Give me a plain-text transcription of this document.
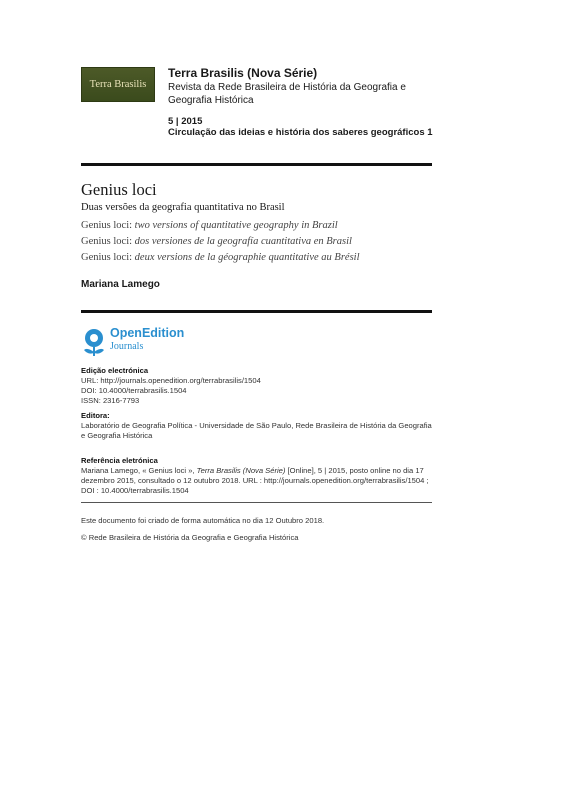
Terra Brasilis
Terra Brasilis (Nova Série)
Revista da Rede Brasileira de História da Geografia e Geografia Histórica
5 | 2015
Circulação das ideias e história dos saberes geográficos 1
Genius loci
Duas versões da geografia quantitativa no Brasil
Genius loci: two versions of quantitative geography in Brazil
Genius loci: dos versiones de la geografía cuantitativa en Brasil
Genius loci: deux versions de la géographie quantitative au Brésil
Mariana Lamego
OpenEdition
Journals
Edição electrónica
URL: http://journals.openedition.org/terrabrasilis/1504
DOI: 10.4000/terrabrasilis.1504
ISSN: 2316-7793
Editora:
Laboratório de Geografia Política - Universidade de São Paulo, Rede Brasileira de História da Geografia e Geografia Histórica
Referência eletrónica
Mariana Lamego, « Genius loci », Terra Brasilis (Nova Série) [Online], 5 | 2015, posto online no dia 17 dezembro 2015, consultado o 12 outubro 2018. URL : http://journals.openedition.org/terrabrasilis/1504 ; DOI : 10.4000/terrabrasilis.1504
Este documento foi criado de forma automática no dia 12 Outubro 2018.
© Rede Brasileira de História da Geografia e Geografia Histórica
